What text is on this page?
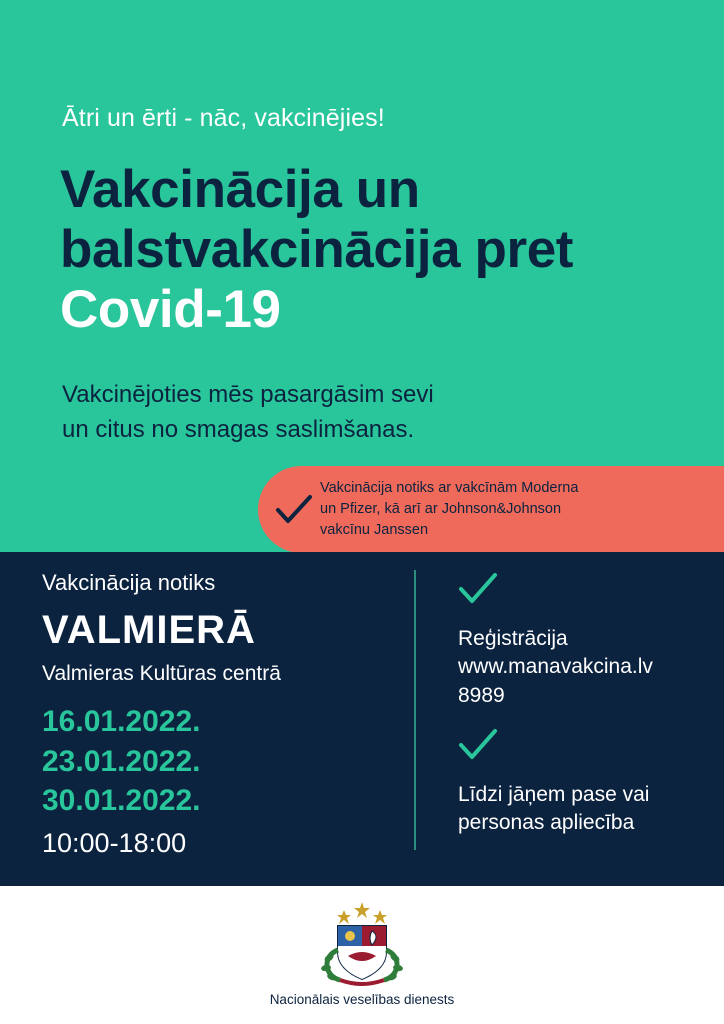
Ātri un ērti - nāc, vakcinējies!
Vakcinācija un
balstvakcinācija pret
Covid-19
Vakcinējoties mēs pasargāsim sevi
un citus no smagas saslimšanas.
Vakcinācija notiks ar vakcīnām Moderna
un Pfizer, kā arī ar Johnson&Johnson
vakcīnu Janssen
Vakcinācija notiks
VALMIERĀ
Valmieras Kultūras centrā
16.01.2022.
23.01.2022.
30.01.2022.
10:00-18:00
Reģistrācija
www.manavakcina.lv
8989
Līdzi jāņem pase vai
personas apliecība
Nacionālais veselības dienests
